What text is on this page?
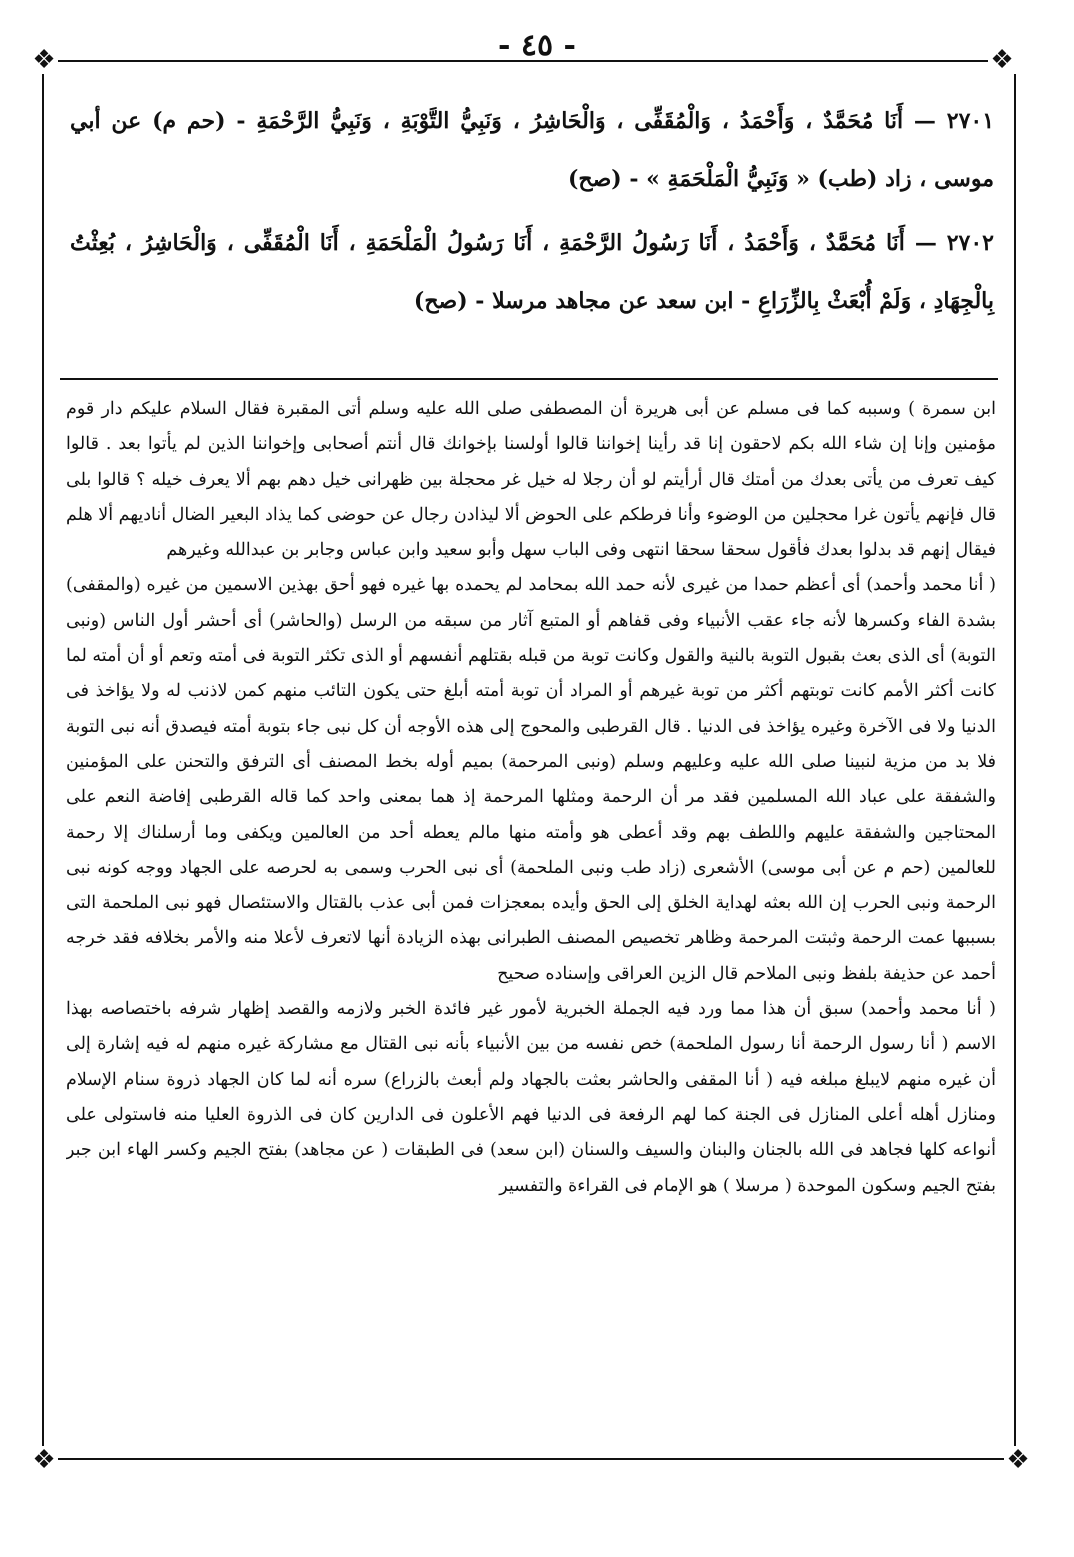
- ٤٥ -
❖	❖
❖	❖
٢٧٠١ — أَنَا مُحَمَّدٌ ، وَأَحْمَدُ ، وَالْمُقَفِّى ، وَالْحَاشِرُ ، وَنَبِيُّ التَّوْبَةِ ، وَنَبِيُّ الرَّحْمَةِ - (حم م) عن أبي موسى ، زاد (طب) « وَنَبِيُّ الْمَلْحَمَةِ » - (صح)
٢٧٠٢ — أَنَا مُحَمَّدٌ ، وَأَحْمَدُ ، أَنَا رَسُولُ الرَّحْمَةِ ، أَنَا رَسُولُ الْمَلْحَمَةِ ، أَنَا الْمُقَفِّى ، وَالْحَاشِرُ ، بُعِثْتُ بِالْجِهَادِ ، وَلَمْ أُبْعَثْ بِالزِّرَاعِ - ابن سعد عن مجاهد مرسلا - (صح)

ابن سمرة ) وسببه كما فى مسلم عن أبى هريرة أن المصطفى صلى الله عليه وسلم أتى المقبرة فقال السلام عليكم دار قوم مؤمنين وإنا إن شاء الله بكم لاحقون إنا قد رأينا إخواننا قالوا أولسنا بإخوانك قال أنتم أصحابى وإخواننا الذين لم يأتوا بعد . قالوا كيف تعرف من يأتى بعدك من أمتك قال أرأيتم لو أن رجلا له خيل غر محجلة بين ظهرانى خيل دهم بهم ألا يعرف خيله ؟ قالوا بلى قال فإنهم يأتون غرا محجلين من الوضوء وأنا فرطكم على الحوض ألا ليذادن رجال عن حوضى كما يذاد البعير الضال أناديهم ألا هلم فيقال إنهم قد بدلوا بعدك فأقول سحقا سحقا انتهى وفى الباب سهل وأبو سعيد وابن عباس وجابر بن عبدالله وغيرهم

( أنا محمد وأحمد) أى أعظم حمدا من غيرى لأنه حمد الله بمحامد لم يحمده بها غيره فهو أحق بهذين الاسمين من غيره (والمقفى) بشدة الفاء وكسرها لأنه جاء عقب الأنبياء وفى قفاهم أو المتبع آثار من سبقه من الرسل (والحاشر) أى أحشر أول الناس (ونبى التوبة) أى الذى بعث بقبول التوبة بالنية والقول وكانت توبة من قبله بقتلهم أنفسهم أو الذى تكثر التوبة فى أمته وتعم أو أن أمته لما كانت أكثر الأمم كانت توبتهم أكثر من توبة غيرهم أو المراد أن توبة أمته أبلغ حتى يكون التائب منهم كمن لاذنب له ولا يؤاخذ فى الدنيا ولا فى الآخرة وغيره يؤاخذ فى الدنيا . قال القرطبى والمحوج إلى هذه الأوجه أن كل نبى جاء بتوبة أمته فيصدق أنه نبى التوبة فلا بد من مزية لنبينا صلى الله عليه وعليهم وسلم (ونبى المرحمة) بميم أوله بخط المصنف أى الترفق والتحنن على المؤمنين والشفقة على عباد الله المسلمين فقد مر أن الرحمة ومثلها المرحمة إذ هما بمعنى واحد كما قاله القرطبى إفاضة النعم على المحتاجين والشفقة عليهم واللطف بهم وقد أعطى هو وأمته منها مالم يعطه أحد من العالمين ويكفى وما أرسلناك إلا رحمة للعالمين (حم م عن أبى موسى) الأشعرى (زاد طب ونبى الملحمة) أى نبى الحرب وسمى به لحرصه على الجهاد ووجه كونه نبى الرحمة ونبى الحرب إن الله بعثه لهداية الخلق إلى الحق وأيده بمعجزات فمن أبى عذب بالقتال والاستئصال فهو نبى الملحمة التى بسببها عمت الرحمة وثبتت المرحمة وظاهر تخصيص المصنف الطبرانى بهذه الزيادة أنها لاتعرف لأعلا منه والأمر بخلافه فقد خرجه أحمد عن حذيفة بلفظ ونبى الملاحم قال الزين العراقى وإسناده صحيح

( أنا محمد وأحمد) سبق أن هذا مما ورد فيه الجملة الخبرية لأمور غير فائدة الخبر ولازمه والقصد إظهار شرفه باختصاصه بهذا الاسم ( أنا رسول الرحمة أنا رسول الملحمة) خص نفسه من بين الأنبياء بأنه نبى القتال مع مشاركة غيره منهم له فيه إشارة إلى أن غيره منهم لايبلغ مبلغه فيه ( أنا المقفى والحاشر بعثت بالجهاد ولم أبعث بالزراع) سره أنه لما كان الجهاد ذروة سنام الإسلام ومنازل أهله أعلى المنازل فى الجنة كما لهم الرفعة فى الدنيا فهم الأعلون فى الدارين كان فى الذروة العليا منه فاستولى على أنواعه كلها فجاهد فى الله بالجنان والبنان والسيف والسنان (ابن سعد) فى الطبقات ( عن مجاهد) بفتح الجيم وكسر الهاء ابن جبر بفتح الجيم وسكون الموحدة ( مرسلا ) هو الإمام فى القراءة والتفسير
